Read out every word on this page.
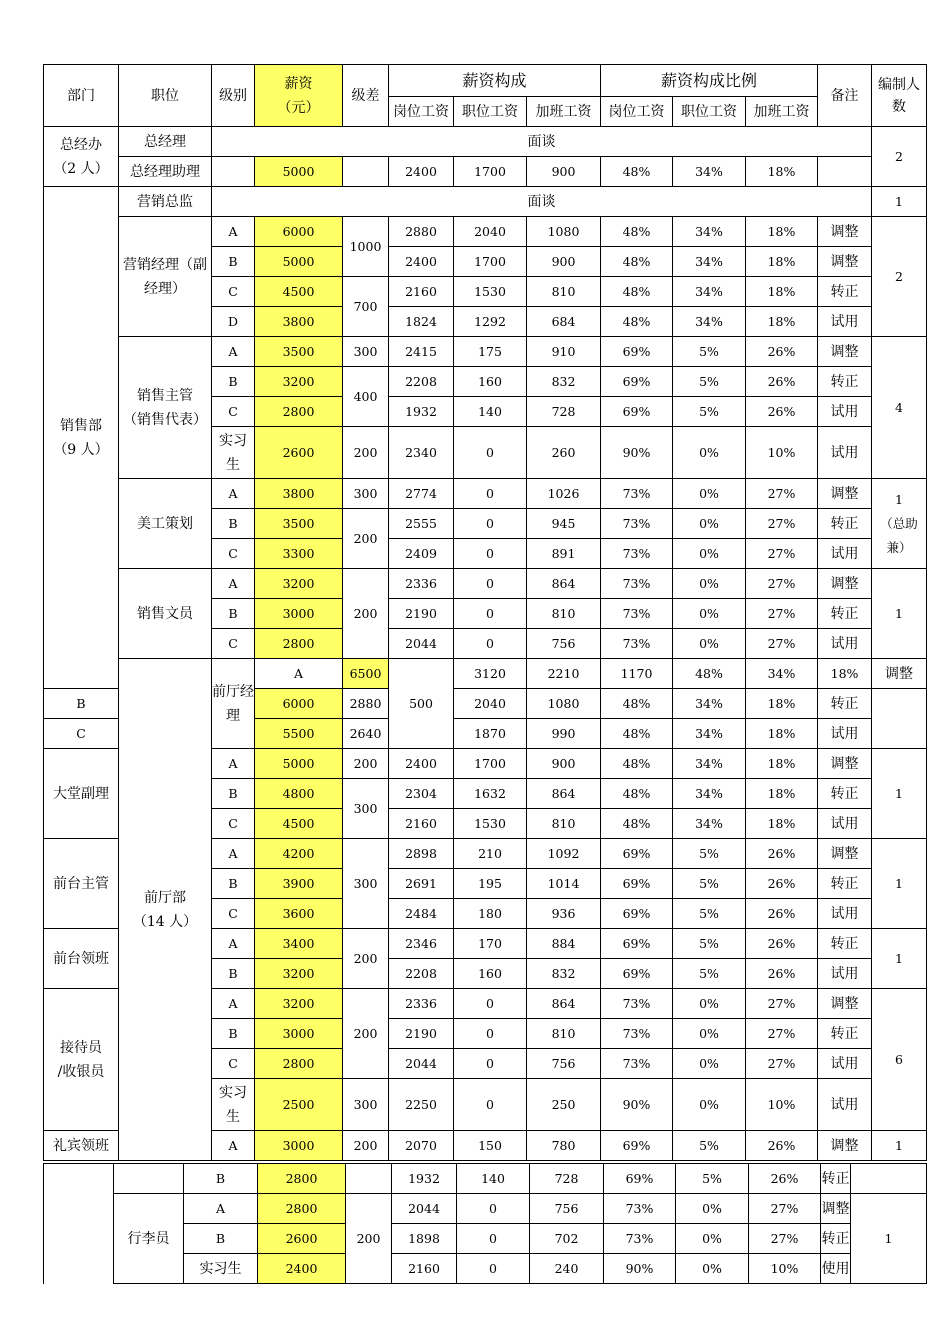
部门	职位	级别	薪资
（元）	级差	薪资构成			薪资构成比例			备注	编制人数	
					岗位工资	职位工资	加班工资	岗位工资	职位工资	加班工资			

总经办
（2 人）	总经理	面谈										2	
	总经理助理		5000		2400	1700	900	48%	34%	18%			

销售部
（9 人）	营销总监	面谈										1	
	营销经理（副经理）	A	6000	1000	2880	2040	1080	48%	34%	18%	调整	2	
		B	5000		2400	1700	900	48%	34%	18%	调整		
		C	4500	700	2160	1530	810	48%	34%	18%	转正		
		D	3800		1824	1292	684	48%	34%	18%	试用		

	销售主管
（销售代表）	A	3500	300	2415	175	910	69%	5%	26%	调整	4	
		B	3200	400	2208	160	832	69%	5%	26%	转正		
		C	2800		1932	140	728	69%	5%	26%	试用		
		实习生	2600	200	2340	0	260	90%	0%	10%	试用		
	美工策划	A	3800	300	2774	0	1026	73%	0%	27%	调整	1
（总助兼）	

		B	3500	200	2555	0	945	73%	0%	27%	转正		
		C	3300		2409	0	891	73%	0%	27%	试用		
	销售文员	A	3200	200	2336	0	864	73%	0%	27%	调整	1	
		B	3000		2190	0	810	73%	0%	27%	转正		
		C	2800		2044	0	756	73%	0%	27%	试用		

	前厅部
（14 人）	前厅经理	A	6500	500	3120	2210	1170	48%	34%	18%	调整	
B			6000	2880		2040	1080	48%	34%	18%	转正		
C			5500	2640		1870	990	48%	34%	18%	试用		
大堂副理		A	5000	200	2400	1700	900	48%	34%	18%	调整	1	
		B	4800	300	2304	1632	864	48%	34%	18%	转正		
		C	4500		2160	1530	810	48%	34%	18%	试用		
前台主管		A	4200	300	2898	210	1092	69%	5%	26%	调整	1	
		B	3900		2691	195	1014	69%	5%	26%	转正		
		C	3600		2484	180	936	69%	5%	26%	试用		
前台领班		A	3400	200	2346	170	884	69%	5%	26%	转正	1	
		B	3200		2208	160	832	69%	5%	26%	试用		

接待员
/收银员		A	3200	200	2336	0	864	73%	0%	27%	调整	6	
		B	3000		2190	0	810	73%	0%	27%	转正		
		C	2800		2044	0	756	73%	0%	27%	试用		
		实习生	2500	300	2250	0	250	90%	0%	10%	试用		
礼宾领班		A	3000	200	2070	150	780	69%	5%	26%	调整	1	
		B	2800		1932	140	728	69%	5%	26%	转正	
	行李员	A	2800	200	2044	0	756	73%	0%	27%	调整	1
		B	2600		1898	0	702	73%	0%	27%	转正	
		实习生	2400		2160	0	240	90%	0%	10%	使用	
